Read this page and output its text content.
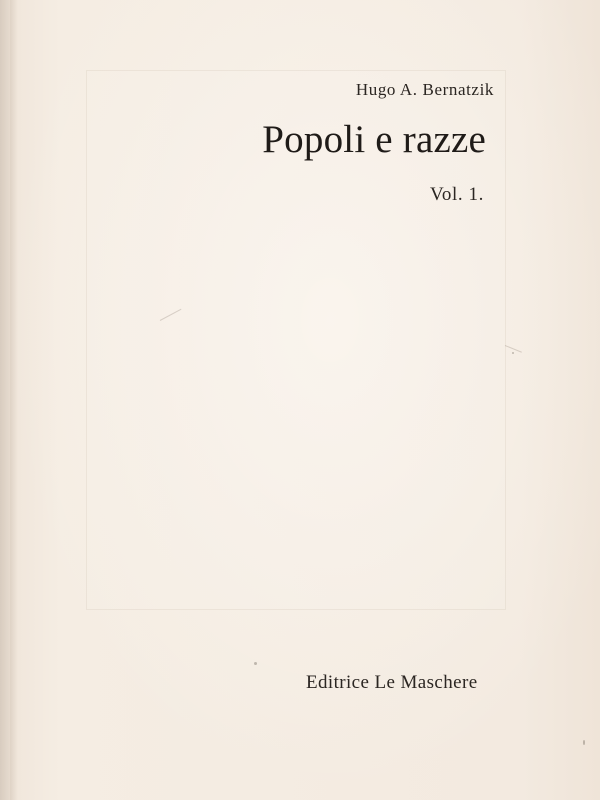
Hugo A. Bernatzik
Popoli e razze
Vol. 1.
Editrice Le Maschere
